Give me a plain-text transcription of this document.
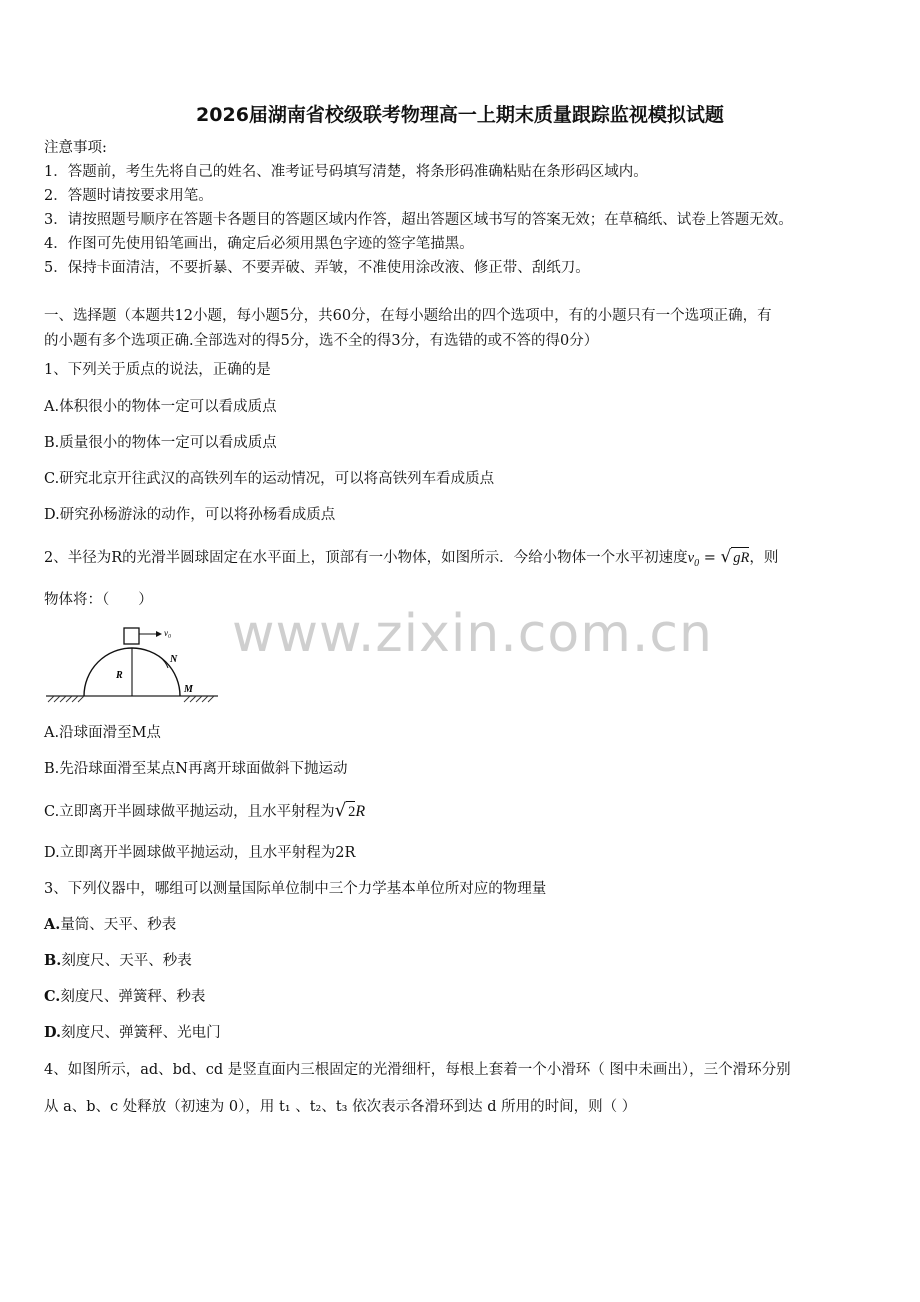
2026届湖南省校级联考物理高一上期末质量跟踪监视模拟试题
注意事项:
1．答题前，考生先将自己的姓名、准考证号码填写清楚，将条形码准确粘贴在条形码区域内。
2．答题时请按要求用笔。
3．请按照题号顺序在答题卡各题目的答题区域内作答，超出答题区域书写的答案无效；在草稿纸、试卷上答题无效。
4．作图可先使用铅笔画出，确定后必须用黑色字迹的签字笔描黑。
5．保持卡面清洁，不要折暴、不要弄破、弄皱，不准使用涂改液、修正带、刮纸刀。
一、选择题（本题共12小题，每小题5分，共60分，在每小题给出的四个选项中，有的小题只有一个选项正确，有
的小题有多个选项正确.全部选对的得5分，选不全的得3分，有选错的或不答的得0分）
1、下列关于质点的说法，正确的是
A.体积很小的物体一定可以看成质点
B.质量很小的物体一定可以看成质点
C.研究北京开往武汉的高铁列车的运动情况，可以将高铁列车看成质点
D.研究孙杨游泳的动作，可以将孙杨看成质点
2、半径为R的光滑半圆球固定在水平面上，顶部有一小物体，如图所示．今给小物体一个水平初速度$v_0$ = √ gR，则
物体将：（　　）
www.zixin.com.cn
v₀
N
R
M
A.沿球面滑至M点
B.先沿球面滑至某点N再离开球面做斜下抛运动
C.立即离开半圆球做平抛运动，且水平射程为√ 2R
D.立即离开半圆球做平抛运动，且水平射程为2R
3、下列仪器中，哪组可以测量国际单位制中三个力学基本单位所对应的物理量
A.量筒、天平、秒表
B.刻度尺、天平、秒表
C.刻度尺、弹簧秤、秒表
D.刻度尺、弹簧秤、光电门
4、如图所示，ad、bd、cd 是竖直面内三根固定的光滑细杆，每根上套着一个小滑环（ 图中未画出），三个滑环分别
从 a、b、c 处释放（初速为 0），用 t₁ 、t₂、t₃ 依次表示各滑环到达 d 所用的时间，则（ ）
